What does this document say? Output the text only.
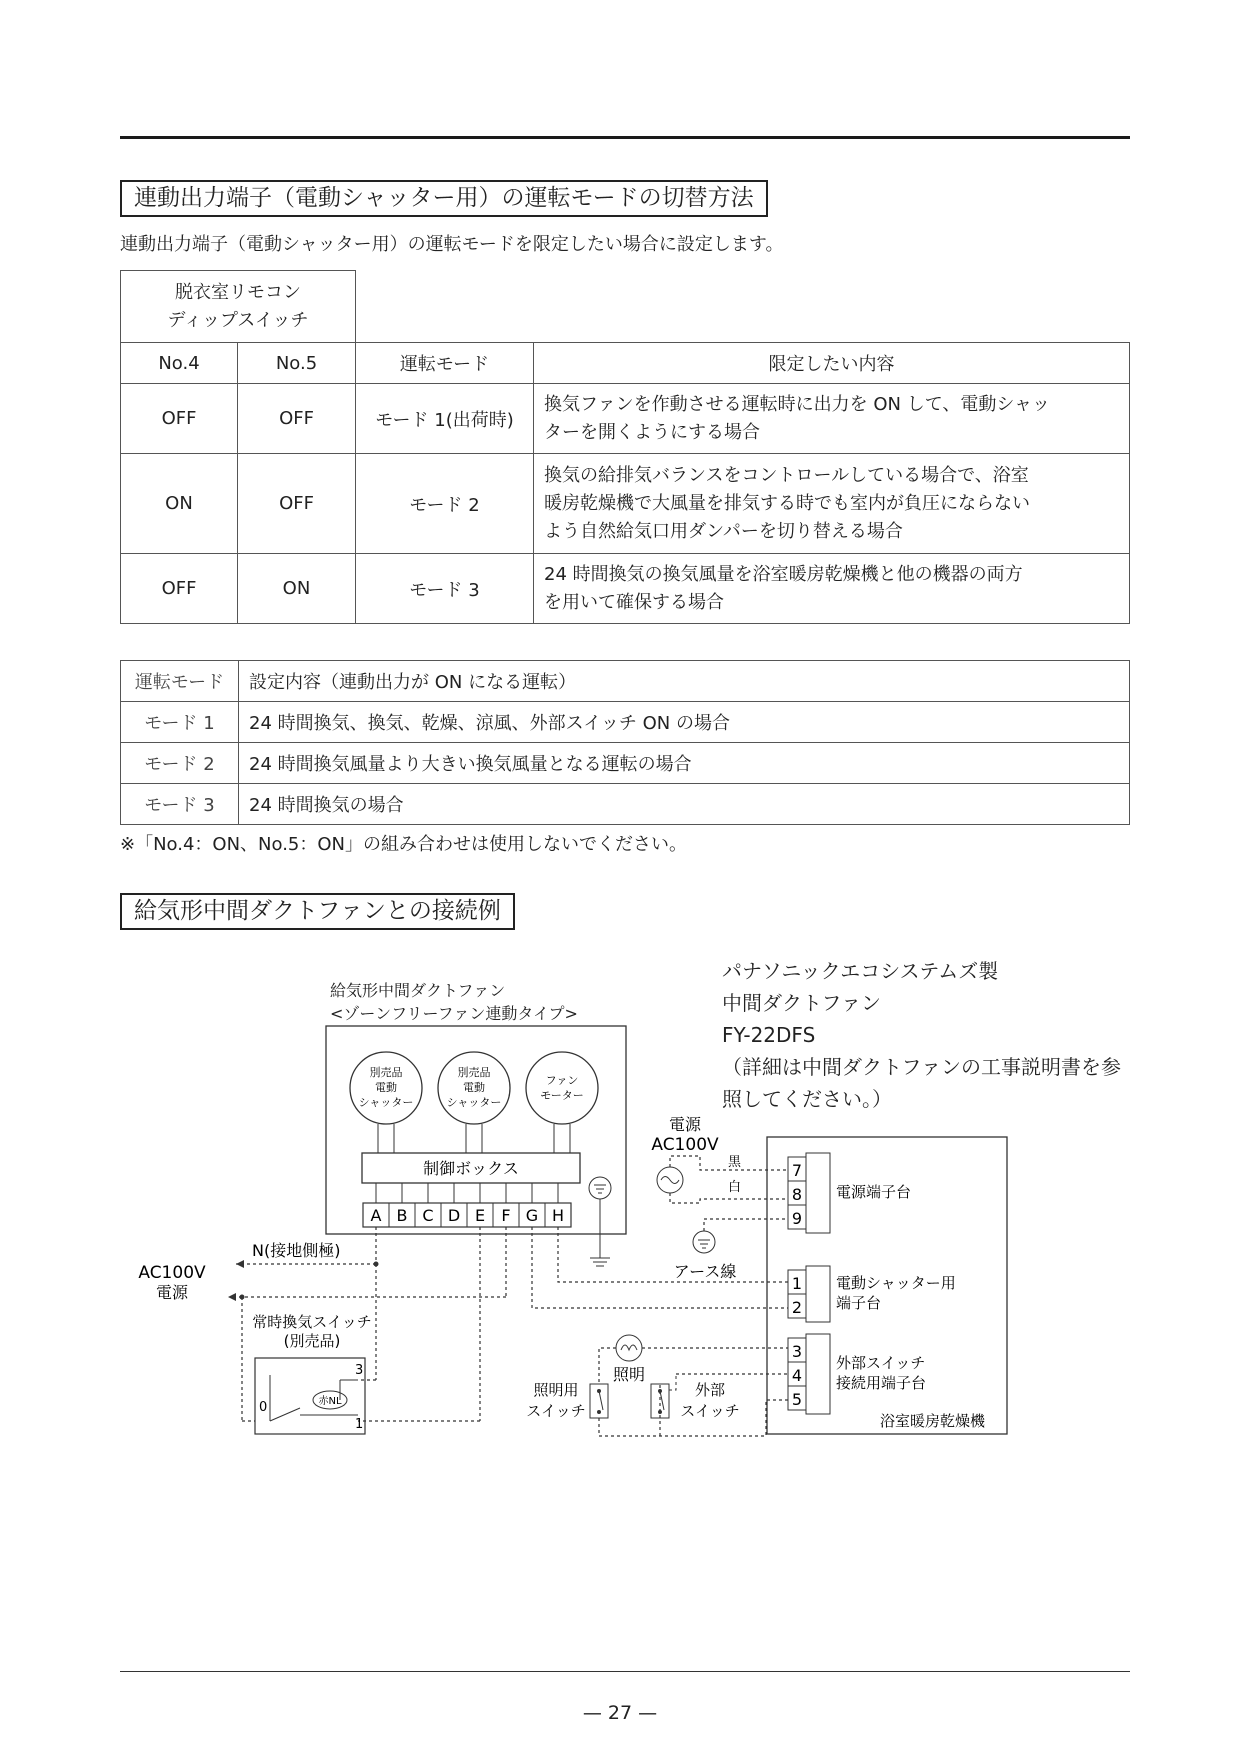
連動出力端子（電動シャッター用）の運転モードの切替方法
連動出力端子（電動シャッター用）の運転モードを限定したい場合に設定します。
脱衣室リモコン
ディップスイッチ			

No.4	No.5	運転モード	限定したい内容
OFF	OFF	モード 1(出荷時)	換気ファンを作動させる運転時に出力を ON して、電動シャッ
ターを開くようにする場合

ON	OFF	モード 2	換気の給排気バランスをコントロールしている場合で、浴室
暖房乾燥機で大風量を排気する時でも室内が負圧にならない
よう自然給気口用ダンパーを切り替える場合

OFF	ON	モード 3	24 時間換気の換気風量を浴室暖房乾燥機と他の機器の両方
を用いて確保する場合
運転モード	設定内容（連動出力が ON になる運転）
モード 1	24 時間換気、換気、乾燥、涼風、外部スイッチ ON の場合
モード 2	24 時間換気風量より大きい換気風量となる運転の場合
モード 3	24 時間換気の場合
※「No.4：ON、No.5：ON」の組み合わせは使用しないでください。
給気形中間ダクトファンとの接続例
パナソニックエコシステムズ製
中間ダクトファン
FY-22DFS
（詳細は中間ダクトファンの工事説明書を参
照してください。）
給気形中間ダクトファン
<ゾーンフリーファン連動タイプ>
別売品
電動
シャッター
別売品
電動
シャッター
ファン
モーター
制御ボックス
A B C D E F G H
N(接地側極)
AC100V
電源
常時換気スイッチ
(別売品)
3
0
1
赤NL
電源
AC100V
黒
白
アース線
7
8
9
電源端子台
1
2
電動シャッター用
端子台
3
4
5
外部スイッチ
接続用端子台
浴室暖房乾燥機
照明
照明用
スイッチ
外部
スイッチ
— 27 —
